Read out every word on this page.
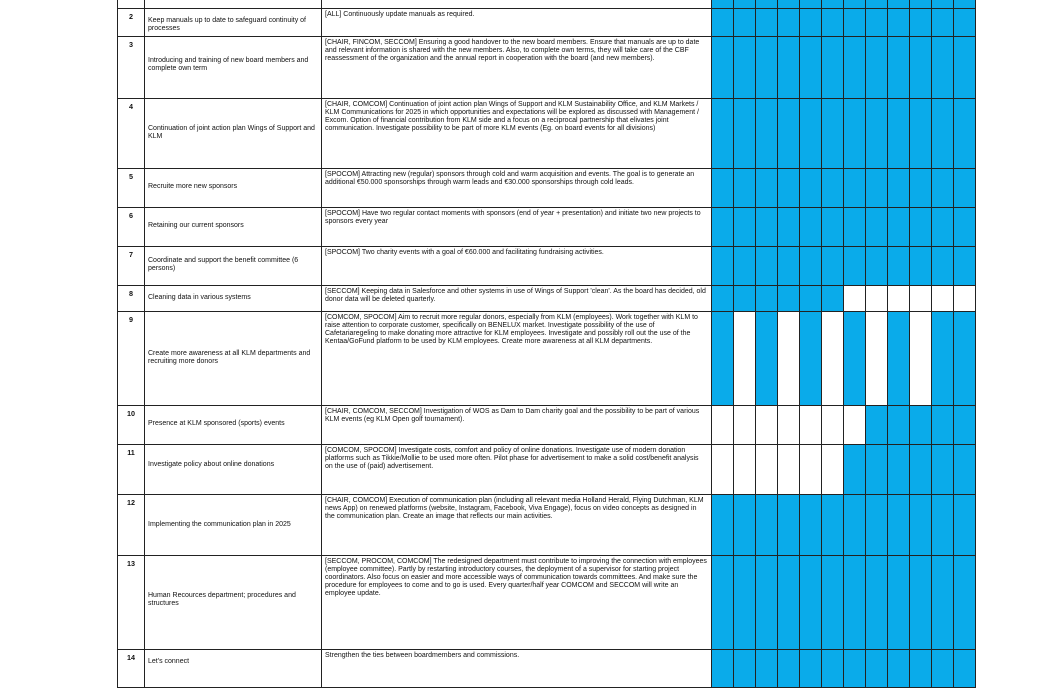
2	Keep manuals up to date to safeguard continuity of processes	[ALL] Continuously update manuals as required.												

3	Introducing and training of new board members and complete own term	[CHAIR, FINCOM, SECCOM] Ensuring a good handover to the new board members. Ensure that manuals are up to date and relevant information is shared with the new members. Also, to complete own terms, they will take care of the CBF reassessment of the organization and the annual report in cooperation with the board (and new members).												

4	Continuation of joint action plan Wings of Support and KLM	[CHAIR, COMCOM] Continuation of joint action plan Wings of Support and KLM Sustainability Office, and KLM Markets / KLM Communications for 2025 in which opportunities and expectations will be explored as discussed with Management / Excom. Option of financial contribution from KLM side and a focus on a reciprocal partnership that elivates joint communication. Investigate possibility to be part of more KLM events (Eg. on board events for all divisions)												

5	Recruite more new sponsors	[SPOCOM] Attracting new (regular) sponsors through cold and warm acquisition and events. The goal is to generate an additional €50.000 sponsorships through warm leads and €30.000 sponsorships through cold leads.												

6	Retaining our current sponsors	[SPOCOM] Have two regular contact moments with sponsors (end of year + presentation) and initiate two new projects to sponsors every year												

7	Coordinate and support the benefit committee (6 persons)	[SPOCOM] Two charity events with a goal of €60.000 and facilitating fundraising activities.												

8	Cleaning data in various systems	[SECCOM] Keeping data in Salesforce and other systems in use of Wings of Support 'clean'. As the board has decided, old donor data will be deleted quarterly.												

9	Create more awareness at all KLM departments and recruiting more donors	[COMCOM, SPOCOM] Aim to recruit more regular donors, especially from KLM (employees). Work together with KLM to raise attention to corporate customer, specifically on BENELUX market. Investigate possibility of the use of Cafetariaregeling to make donating more attractive for KLM employees. Investigate and possibly roll out the use of the Kentaa/GoFund platform to be used by KLM employees. Create more awareness at all KLM departments.												

10	Presence at KLM sponsored (sports) events	[CHAIR, COMCOM, SECCOM] Investigation of WOS as Dam to Dam charity goal and the possibility to be part of various KLM events (eg KLM Open golf tournament).												

11	Investigate policy about online donations	[COMCOM, SPOCOM] Investigate costs, comfort and policy of online donations. Investigate use of modern donation platforms such as Tikkie/Mollie to be used more often. Pilot phase for advertisement to make a solid cost/benefit analysis on the use of (paid) advertisement.												

12	Implementing the communication plan in 2025	[CHAIR, COMCOM] Execution of communication plan (including all relevant media Holland Herald, Flying Dutchman, KLM news App) on renewed platforms (website, Instagram, Facebook, Viva Engage), focus on video concepts as designed in the communication plan. Create an image that reflects our main activities.												

13	Human Recources department; procedures and structures	[SECCOM, PROCOM, COMCOM] The redesigned department must contribute to improving the connection with employees (employee committee). Partly by restarting introductory courses, the deployment of a supervisor for starting project coordinators. Also focus on easier and more accessible ways of communication towards committees. And make sure the procedure for employees to come and to go is used. Every quarter/half year COMCOM and SECCOM will write an employee update.												

14	Let's connect	Strengthen the ties between boardmembers and commissions.												
